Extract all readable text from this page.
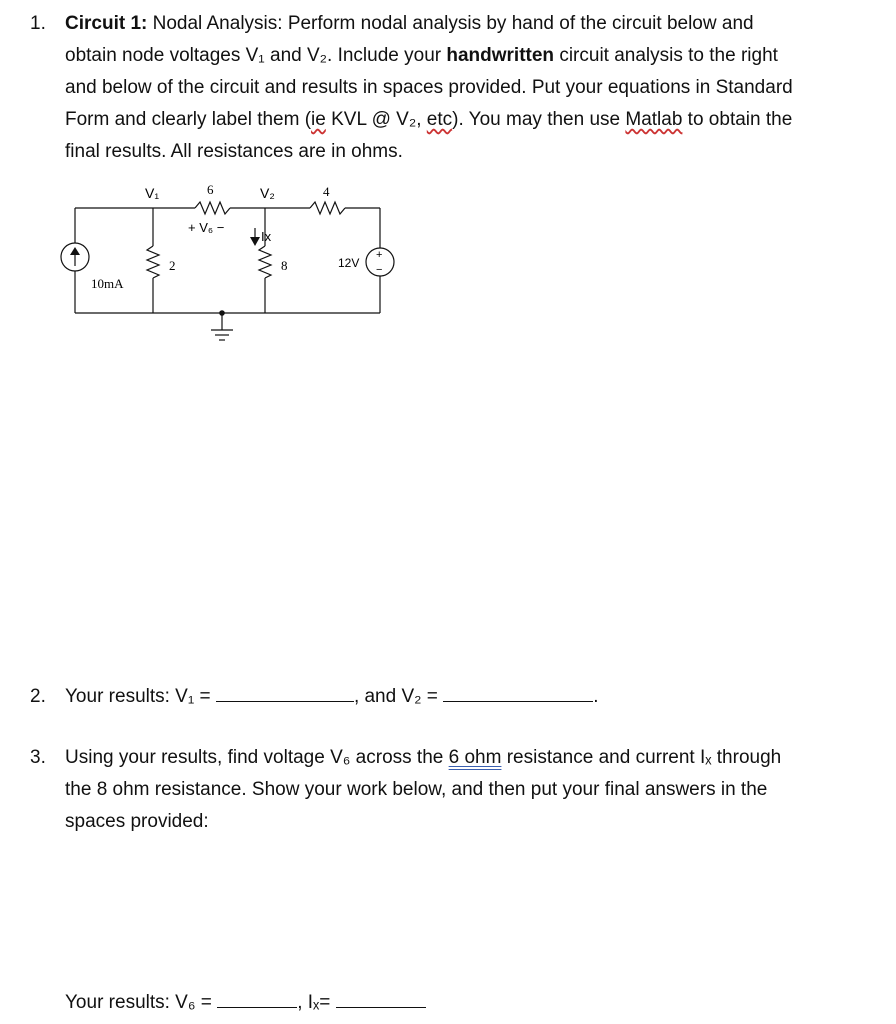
1. Circuit 1: Nodal Analysis: Perform nodal analysis by hand of the circuit below and
obtain node voltages V₁ and V₂. Include your handwritten circuit analysis to the right
and below of the circuit and results in spaces provided. Put your equations in Standard
Form and clearly label them (ie KVL @ V₂, etc). You may then use Matlab to obtain the
final results. All resistances are in ohms.
V₁	6
+ V₆ −
V₂	4
2
Ix
8
10mA
12V
+
−
2. Your results: V₁ =	, and V₂ =	.
3. Using your results, find voltage V₆ across the 6 ohm resistance and current Iₓ through
the 8 ohm resistance. Show your work below, and then put your final answers in the
spaces provided:
Your results: V₆ =	, Iₓ=
